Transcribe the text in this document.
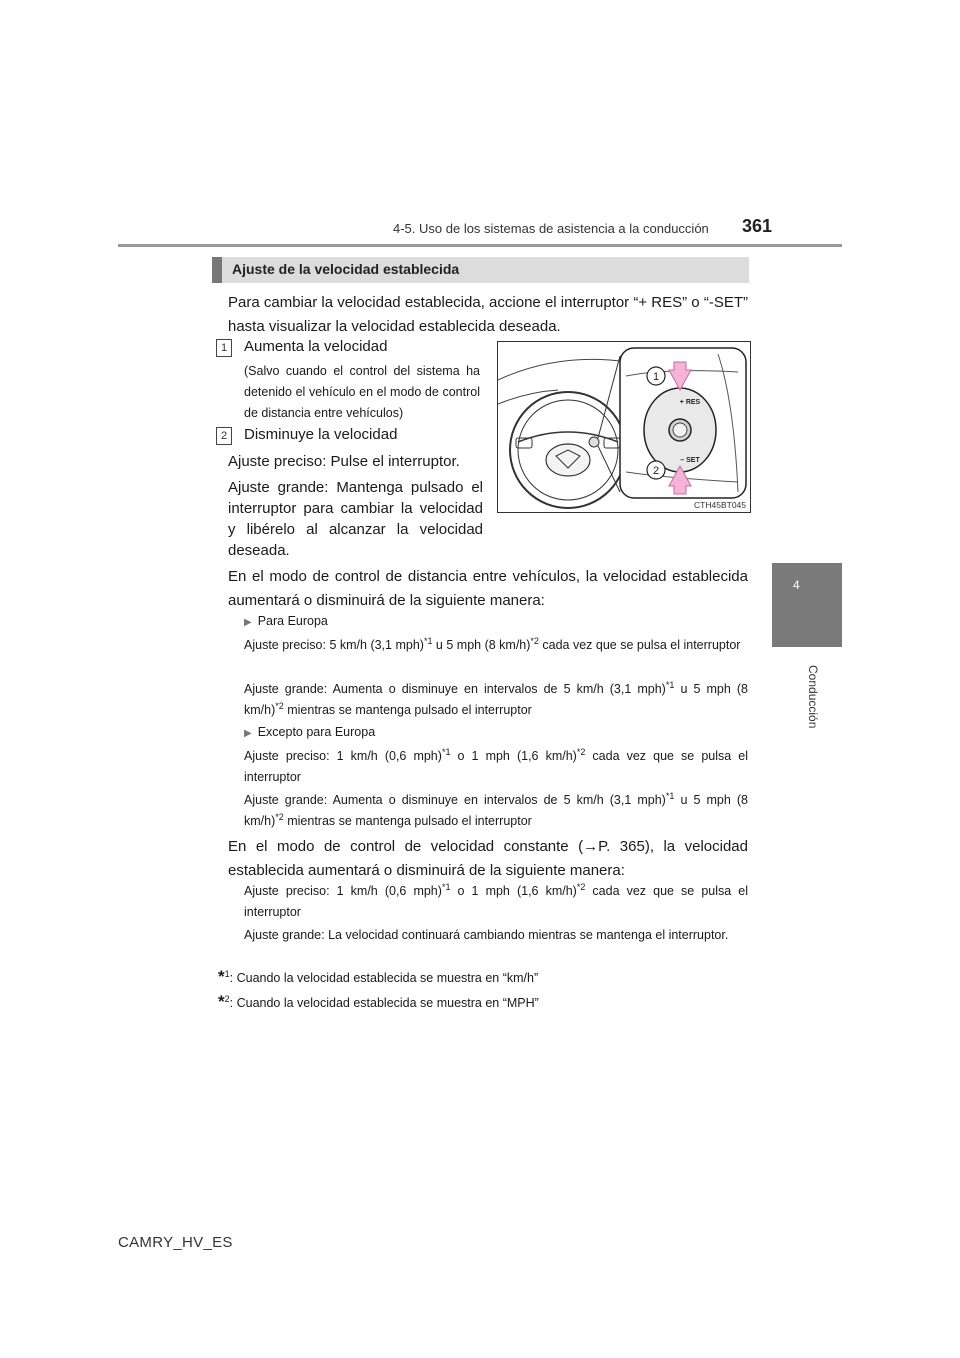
4-5. Uso de los sistemas de asistencia a la conducción 361
4
Conducción
Ajuste de la velocidad establecida
Para cambiar la velocidad establecida, accione el interruptor “+ RES” o “-SET” hasta visualizar la velocidad establecida deseada.
1	Aumenta la velocidad
(Salvo cuando el control del sistema ha detenido el vehículo en el modo de control de distancia entre vehículos)
2	Disminuye la velocidad
Ajuste preciso: Pulse el interruptor.
Ajuste grande: Mantenga pulsado el interruptor para cambiar la velocidad y libérelo al alcanzar la velocidad deseada.
1
2
+ RES
– SET
CTH45BT045
En el modo de control de distancia entre vehículos, la velocidad establecida aumentará o disminuirá de la siguiente manera:
▶ Para Europa
Ajuste preciso: 5 km/h (3,1 mph)$^{*1}$ u 5 mph (8 km/h)$^{*2}$ cada vez que se pulsa el interruptor
Ajuste grande: Aumenta o disminuye en intervalos de 5 km/h (3,1 mph)$^{*1}$ u 5 mph (8 km/h)$^{*2}$ mientras se mantenga pulsado el interruptor
▶ Excepto para Europa
Ajuste preciso: 1 km/h (0,6 mph)$^{*1}$ o 1 mph (1,6 km/h)$^{*2}$ cada vez que se pulsa el interruptor
Ajuste grande: Aumenta o disminuye en intervalos de 5 km/h (3,1 mph)$^{*1}$ u 5 mph (8 km/h)$^{*2}$ mientras se mantenga pulsado el interruptor
En el modo de control de velocidad constante (→P. 365), la velocidad establecida aumentará o disminuirá de la siguiente manera:
Ajuste preciso: 1 km/h (0,6 mph)$^{*1}$ o 1 mph (1,6 km/h)$^{*2}$ cada vez que se pulsa el interruptor
Ajuste grande: La velocidad continuará cambiando mientras se mantenga el interruptor.
*$^1$: Cuando la velocidad establecida se muestra en “km/h”
*$^2$: Cuando la velocidad establecida se muestra en “MPH”
CAMRY_HV_ES
